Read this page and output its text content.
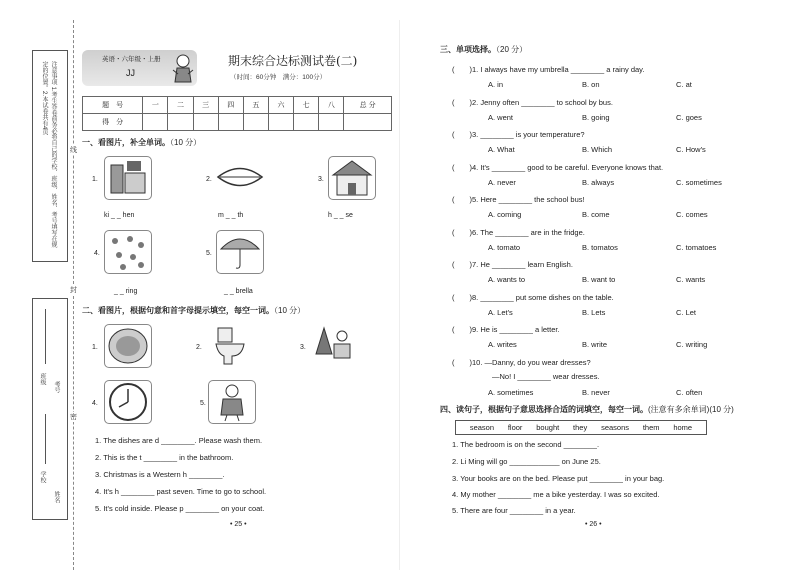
注意事项 1.考生答卷前务必将自己的学校、班级、姓名、考号填写在规定的位置。2.本试卷共有4页
学校
姓名
班级
考号
线
封
密
英语・六年级・上册
JJ
期末综合达标测试卷(二)
（时间：60分钟　满分：100分）
题　号	一	二	三	四	五	六	七	八	总 分
得　分									
一、看图片，补全单词。（10 分）
1.
ki _ _ hen
2.
m _ _ th
3.
h _ _ se
4.
_ _ ring
5.
_ _ brella
二、看图片，根据句意和首字母提示填空，每空一词。（10 分）
1.	2.	3.
4.	5.
1. The dishes are d ________. Please wash them.
2. This is the t ________ in the bathroom.
3. Christmas is a Western h ________.
4. It's h ________ past seven. Time to go to school.
5. It's cold inside. Please p ________ on your coat.
• 25 •
三、单项选择。（20 分）
(　　)1. I always have my umbrella ________ a rainy day.
A. in	B. on	C. at
(　　)2. Jenny often ________ to school by bus.
A. went	B. going	C. goes
(　　)3. ________ is your temperature?
A. What	B. Which	C. How's
(　　)4. It's ________ good to be careful. Everyone knows that.
A. never	B. always	C. sometimes
(　　)5. Here ________ the school bus!
A. coming	B. come	C. comes
(　　)6. The ________ are in the fridge.
A. tomato	B. tomatos	C. tomatoes
(　　)7. He ________ learn English.
A. wants to	B. want to	C. wants
(　　)8. ________ put some dishes on the table.
A. Let's	B. Lets	C. Let
(　　)9. He is ________ a letter.
A. writes	B. write	C. writing
(　　)10. —Danny, do you wear dresses?
—No! I ________ wear dresses.
A. sometimes	B. never	C. often
四、读句子，根据句子意思选择合适的词填空，每空一词。(注意有多余单词)(10 分)
season floor bought they seasons them home
1. The bedroom is on the second ________.
2. Li Ming will go ____________ on June 25.
3. Your books are on the bed. Please put ________ in your bag.
4. My mother ________ me a bike yesterday. I was so excited.
5. There are four ________ in a year.
• 26 •
